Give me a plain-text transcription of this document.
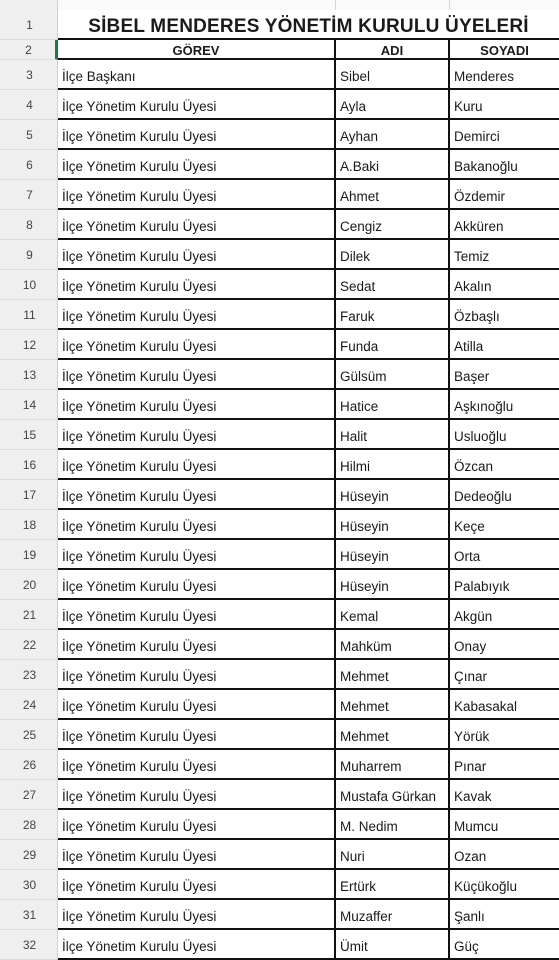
1	SİBEL MENDERES YÖNETİM KURULU ÜYELERİ
2	GÖREV	ADI	SOYADI
3	İlçe Başkanı	Sibel	Menderes
4	İlçe Yönetim Kurulu Üyesi	Ayla	Kuru
5	İlçe Yönetim Kurulu Üyesi	Ayhan	Demirci
6	İlçe Yönetim Kurulu Üyesi	A.Baki	Bakanoğlu
7	İlçe Yönetim Kurulu Üyesi	Ahmet	Özdemir
8	İlçe Yönetim Kurulu Üyesi	Cengiz	Akküren
9	İlçe Yönetim Kurulu Üyesi	Dilek	Temiz
10	İlçe Yönetim Kurulu Üyesi	Sedat	Akalın
11	İlçe Yönetim Kurulu Üyesi	Faruk	Özbaşlı
12	İlçe Yönetim Kurulu Üyesi	Funda	Atilla
13	İlçe Yönetim Kurulu Üyesi	Gülsüm	Başer
14	İlçe Yönetim Kurulu Üyesi	Hatice	Aşkınoğlu
15	İlçe Yönetim Kurulu Üyesi	Halit	Usluoğlu
16	İlçe Yönetim Kurulu Üyesi	Hilmi	Özcan
17	İlçe Yönetim Kurulu Üyesi	Hüseyin	Dedeoğlu
18	İlçe Yönetim Kurulu Üyesi	Hüseyin	Keçe
19	İlçe Yönetim Kurulu Üyesi	Hüseyin	Orta
20	İlçe Yönetim Kurulu Üyesi	Hüseyin	Palabıyık
21	İlçe Yönetim Kurulu Üyesi	Kemal	Akgün
22	İlçe Yönetim Kurulu Üyesi	Mahküm	Onay
23	İlçe Yönetim Kurulu Üyesi	Mehmet	Çınar
24	İlçe Yönetim Kurulu Üyesi	Mehmet	Kabasakal
25	İlçe Yönetim Kurulu Üyesi	Mehmet	Yörük
26	İlçe Yönetim Kurulu Üyesi	Muharrem	Pınar
27	İlçe Yönetim Kurulu Üyesi	Mustafa Gürkan	Kavak
28	İlçe Yönetim Kurulu Üyesi	M. Nedim	Mumcu
29	İlçe Yönetim Kurulu Üyesi	Nuri	Ozan
30	İlçe Yönetim Kurulu Üyesi	Ertürk	Küçükoğlu
31	İlçe Yönetim Kurulu Üyesi	Muzaffer	Şanlı
32	İlçe Yönetim Kurulu Üyesi	Ümit	Güç
